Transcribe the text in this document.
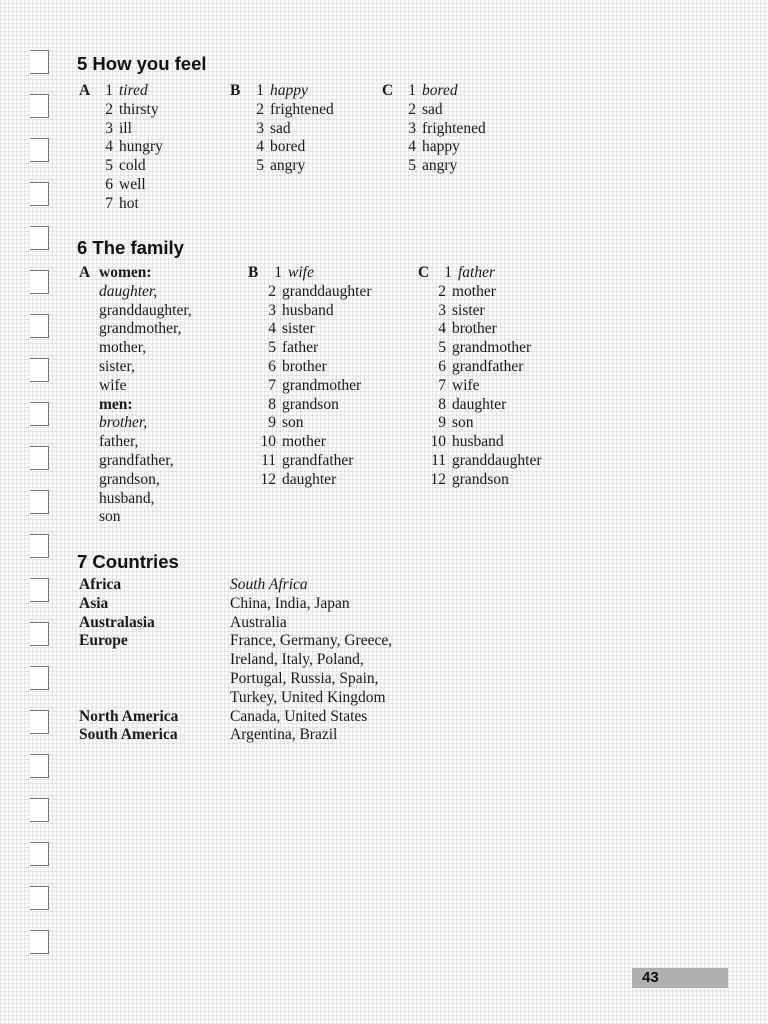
5 How you feel
A 1 tired
2 thirsty
3 ill
4 hungry
5 cold
6 well
7 hot
B 1 happy
2 frightened
3 sad
4 bored
5 angry
C 1 bored
2 sad
3 frightened
4 happy
5 angry
6 The family
A women:
daughter,
granddaughter,
grandmother,
mother,
sister,
wife
men:
brother,
father,
grandfather,
grandson,
husband,
son
B 1 wife
2 granddaughter
3 husband
4 sister
5 father
6 brother
7 grandmother
8 grandson
9 son
10 mother
11 grandfather
12 daughter
C 1 father
2 mother
3 sister
4 brother
5 grandmother
6 grandfather
7 wife
8 daughter
9 son
10 husband
11 granddaughter
12 grandson
7 Countries
Africa	South Africa
Asia	China, India, Japan
Australasia	Australia
Europe	France, Germany, Greece,
Ireland, Italy, Poland,
Portugal, Russia, Spain,
Turkey, United Kingdom
North America	Canada, United States
South America	Argentina, Brazil
43
